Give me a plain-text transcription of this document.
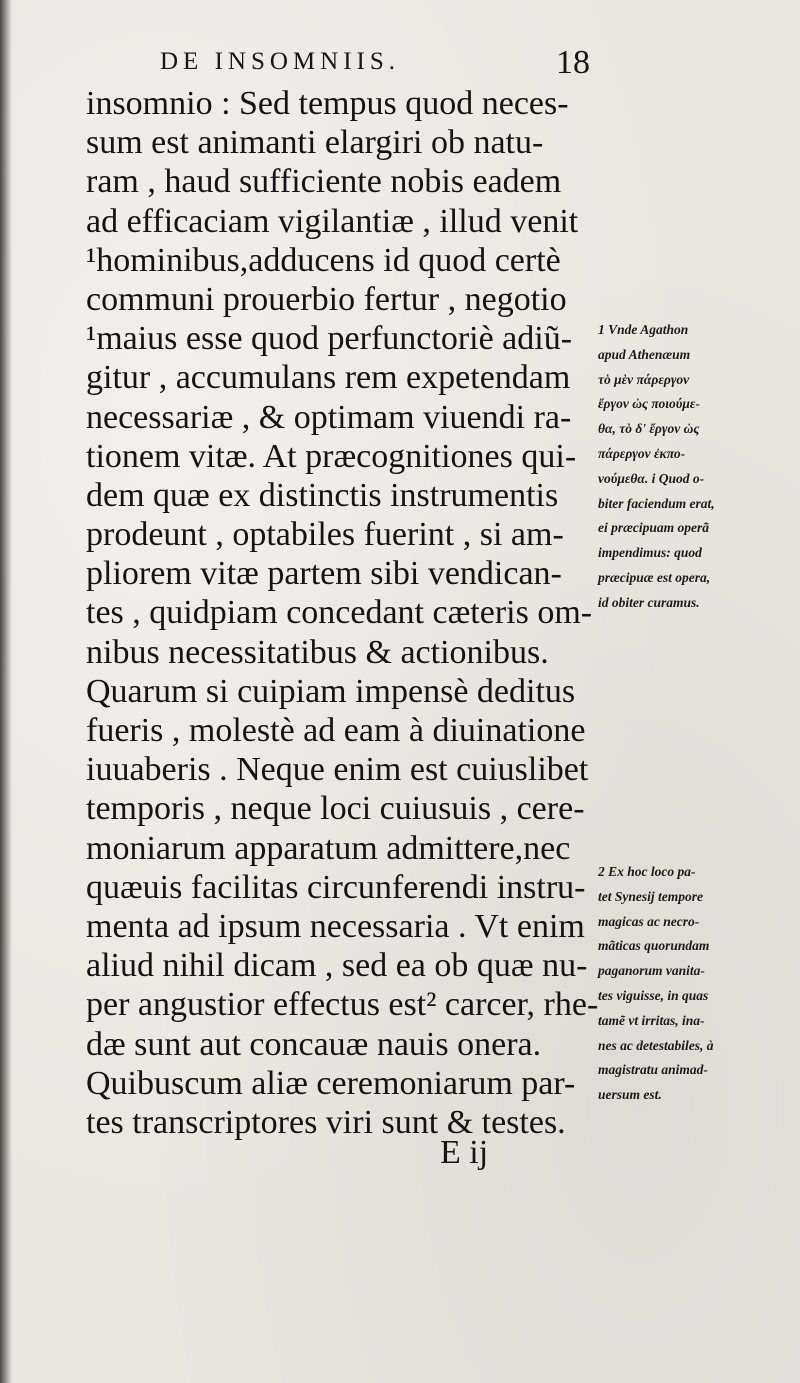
DE INSOMNIIS.	18
insomnio : Sed tempus quod neces-
sum est animanti elargiri ob natu-
ram , haud sufficiente nobis eadem
ad efficaciam vigilantiæ , illud venit
¹hominibus,adducens id quod certè
communi prouerbio fertur , negotio
¹maius esse quod perfunctoriè adiũ-
gitur , accumulans rem expetendam
necessariæ , & optimam viuendi ra-
tionem vitæ. At præcognitiones qui-
dem quæ ex distinctis instrumentis
prodeunt , optabiles fuerint , si am-
pliorem vitæ partem sibi vendican-
tes , quidpiam concedant cæteris om-
nibus necessitatibus & actionibus.
Quarum si cuipiam impensè deditus
fueris , molestè ad eam à diuinatione
iuuaberis . Neque enim est cuiuslibet
temporis , neque loci cuiusuis , cere-
moniarum apparatum admittere,nec
quæuis facilitas circunferendi instru-
menta ad ipsum necessaria . Vt enim
aliud nihil dicam , sed ea ob quæ nu-
per angustior effectus est² carcer, rhe-
dæ sunt aut concauæ nauis onera.
Quibuscum aliæ ceremoniarum par-
tes transcriptores viri sunt & testes.
1 Vnde Agathon
apud Athenæum
τὸ μὲν πάρεργον
ἔργον ὡς ποιούμε-
θα, τὸ δ' ἔργον ὡς
πάρεργον ἐκπο-
νούμεθα. i Quod o-
biter faciendum erat,
ei præcipuam operã
impendimus: quod
præcipuæ est opera,
id obiter curamus.
2 Ex hoc loco pa-
tet Synesij tempore
magicas ac necro-
mãticas quorundam
paganorum vanita-
tes viguisse, in quas
tamẽ vt irritas, ina-
nes ac detestabiles, à
magistratu animad-
uersum est.
E ij
